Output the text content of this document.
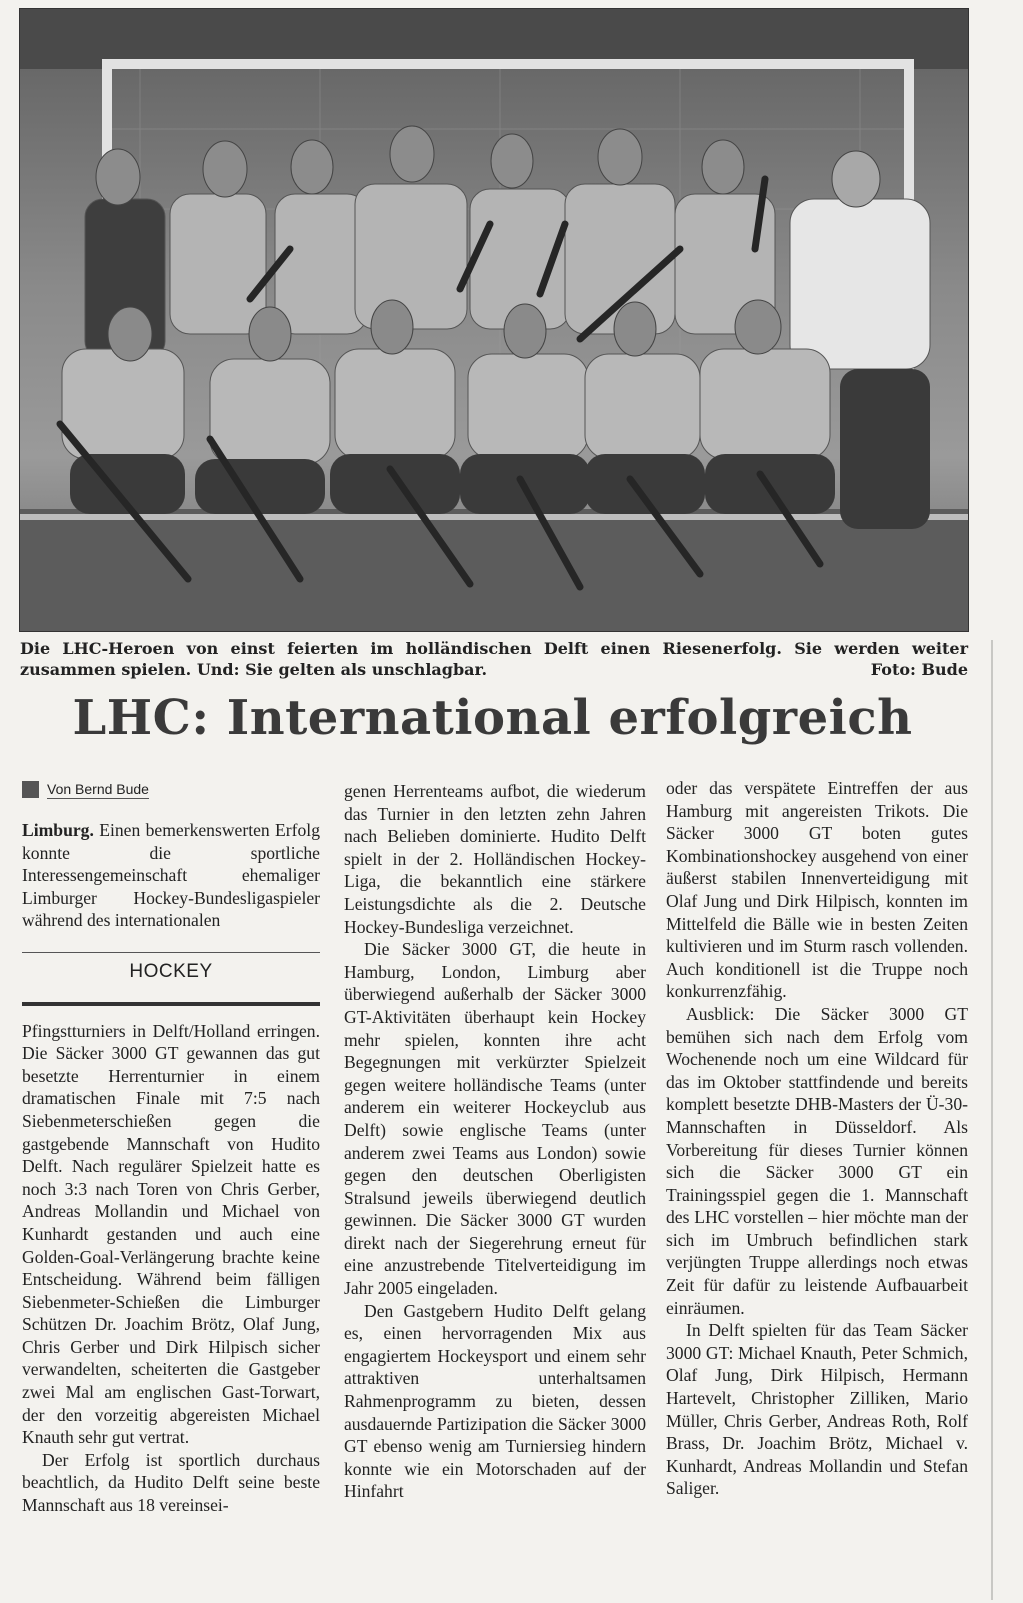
Die LHC-Heroen von einst feierten im holländischen Delft einen Riesenerfolg. Sie werden weiter zusammen spielen. Und: Sie gelten als unschlagbar.	Foto: Bude
LHC: International erfolgreich
Von Bernd Bude

Limburg. Einen bemerkenswerten Erfolg konnte die sportliche Interessengemeinschaft ehemaliger Limburger Hockey-Bundesligaspieler während des internationalen

HOCKEY

Pfingstturniers in Delft/Holland erringen. Die Säcker 3000 GT gewannen das gut besetzte Herrenturnier in einem dramatischen Finale mit 7:5 nach Siebenmeterschießen gegen die gastgebende Mannschaft von Hudito Delft. Nach regulärer Spielzeit hatte es noch 3:3 nach Toren von Chris Gerber, Andreas Mollandin und Michael von Kunhardt gestanden und auch eine Golden-Goal-Verlängerung brachte keine Entscheidung. Während beim fälligen Siebenmeter-Schießen die Limburger Schützen Dr. Joachim Brötz, Olaf Jung, Chris Gerber und Dirk Hilpisch sicher verwandelten, scheiterten die Gastgeber zwei Mal am englischen Gast-Torwart, der den vorzeitig abgereisten Michael Knauth sehr gut vertrat.

Der Erfolg ist sportlich durchaus beachtlich, da Hudito Delft seine beste Mannschaft aus 18 vereinsei-

genen Herrenteams aufbot, die wiederum das Turnier in den letzten zehn Jahren nach Belieben dominierte. Hudito Delft spielt in der 2. Holländischen Hockey-Liga, die bekanntlich eine stärkere Leistungsdichte als die 2. Deutsche Hockey-Bundesliga verzeichnet.

Die Säcker 3000 GT, die heute in Hamburg, London, Limburg aber überwiegend außerhalb der Säcker 3000 GT-Aktivitäten überhaupt kein Hockey mehr spielen, konnten ihre acht Begegnungen mit verkürzter Spielzeit gegen weitere holländische Teams (unter anderem ein weiterer Hockeyclub aus Delft) sowie englische Teams (unter anderem zwei Teams aus London) sowie gegen den deutschen Oberligisten Stralsund jeweils überwiegend deutlich gewinnen. Die Säcker 3000 GT wurden direkt nach der Siegerehrung erneut für eine anzustrebende Titelverteidigung im Jahr 2005 eingeladen.

Den Gastgebern Hudito Delft gelang es, einen hervorragenden Mix aus engagiertem Hockeysport und einem sehr attraktiven unterhaltsamen Rahmenprogramm zu bieten, dessen ausdauernde Partizipation die Säcker 3000 GT ebenso wenig am Turniersieg hindern konnte wie ein Motorschaden auf der Hinfahrt

oder das verspätete Eintreffen der aus Hamburg mit angereisten Trikots. Die Säcker 3000 GT boten gutes Kombinationshockey ausgehend von einer äußerst stabilen Innenverteidigung mit Olaf Jung und Dirk Hilpisch, konnten im Mittelfeld die Bälle wie in besten Zeiten kultivieren und im Sturm rasch vollenden. Auch konditionell ist die Truppe noch konkurrenzfähig.

Ausblick: Die Säcker 3000 GT bemühen sich nach dem Erfolg vom Wochenende noch um eine Wildcard für das im Oktober stattfindende und bereits komplett besetzte DHB-Masters der Ü-30-Mannschaften in Düsseldorf. Als Vorbereitung für dieses Turnier können sich die Säcker 3000 GT ein Trainingsspiel gegen die 1. Mannschaft des LHC vorstellen – hier möchte man der sich im Umbruch befindlichen stark verjüngten Truppe allerdings noch etwas Zeit für dafür zu leistende Aufbauarbeit einräumen.

In Delft spielten für das Team Säcker 3000 GT: Michael Knauth, Peter Schmich, Olaf Jung, Dirk Hilpisch, Hermann Hartevelt, Christopher Zilliken, Mario Müller, Chris Gerber, Andreas Roth, Rolf Brass, Dr. Joachim Brötz, Michael v. Kunhardt, Andreas Mollandin und Stefan Saliger.
